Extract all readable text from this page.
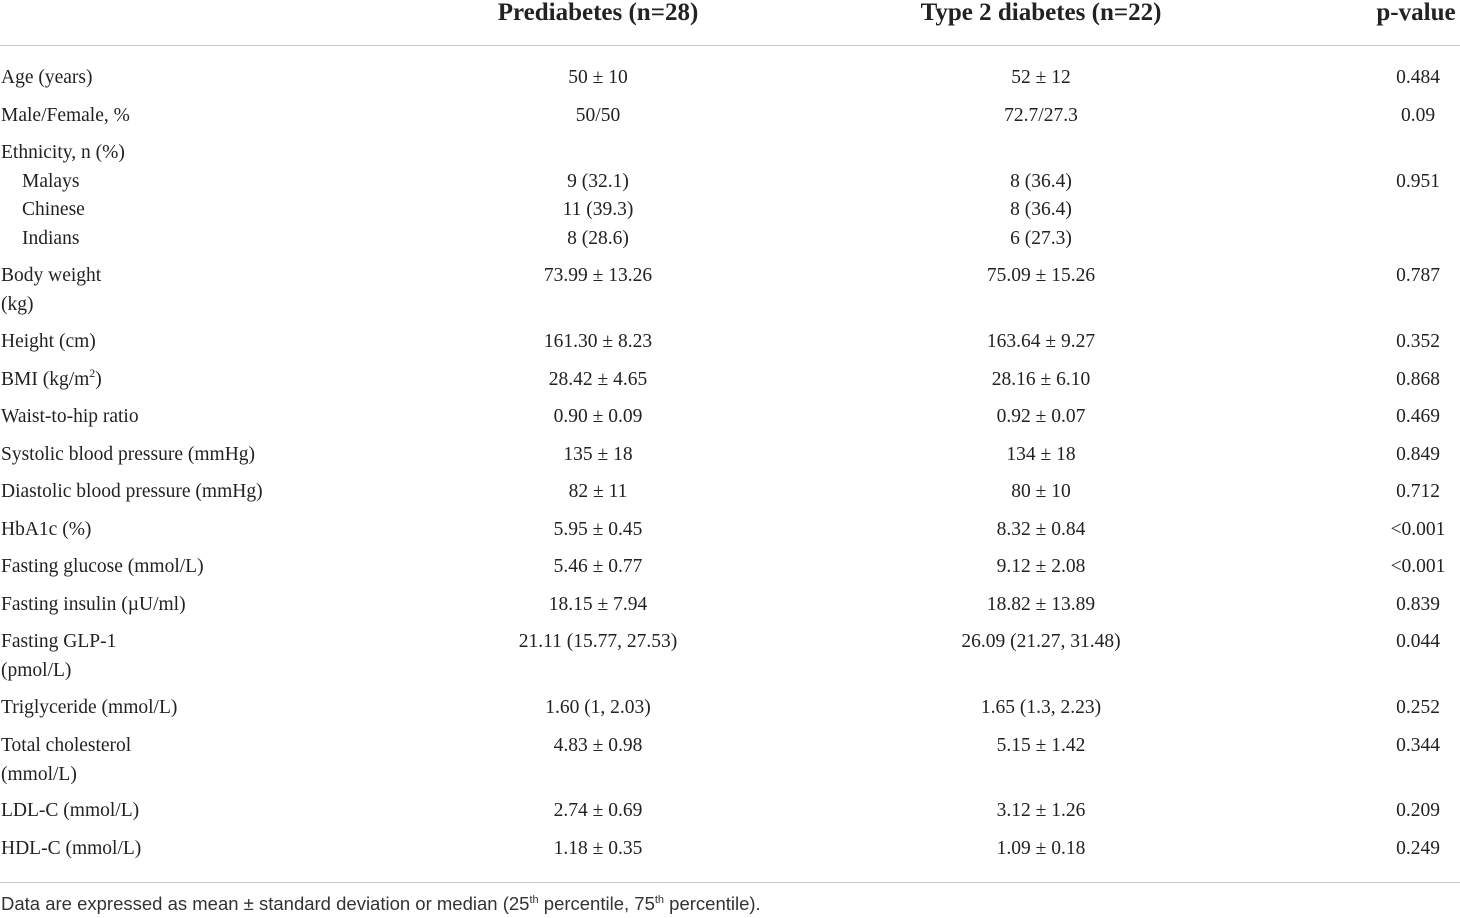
Prediabetes (n=28)	Type 2 diabetes (n=22)	p-value
Age (years)	50 ± 10	52 ± 12	0.484
Male/Female, %	50/50	72.7/27.3	0.09
Ethnicity, n (%)
Malays	9 (32.1)	8 (36.4)	0.951
Chinese	11 (39.3)	8 (36.4)
Indians	8 (28.6)	6 (27.3)
Body weight
(kg)
73.99 ± 13.26	75.09 ± 15.26	0.787
Height (cm)	161.30 ± 8.23	163.64 ± 9.27	0.352
BMI $(kg/m^2)$	28.42 ± 4.65	28.16 ± 6.10	0.868
Waist-to-hip ratio	0.90 ± 0.09	0.92 ± 0.07	0.469
Systolic blood pressure (mmHg)	135 ± 18	134 ± 18	0.849
Diastolic blood pressure (mmHg)	82 ± 11	80 ± 10	0.712
HbA1c (%)	5.95 ± 0.45	8.32 ± 0.84	<0.001
Fasting glucose (mmol/L)	5.46 ± 0.77	9.12 ± 2.08	<0.001
Fasting insulin (µU/ml)	18.15 ± 7.94	18.82 ± 13.89	0.839
Fasting GLP-1
(pmol/L)
21.11 (15.77, 27.53)	26.09 (21.27, 31.48)	0.044
Triglyceride (mmol/L)	1.60 (1, 2.03)	1.65 (1.3, 2.23)	0.252
Total cholesterol
(mmol/L)
4.83 ± 0.98	5.15 ± 1.42	0.344
LDL-C (mmol/L)	2.74 ± 0.69	3.12 ± 1.26	0.209
HDL-C (mmol/L)	1.18 ± 0.35	1.09 ± 0.18	0.249
Data are expressed as mean ± standard deviation or median (25th percentile, 75th percentile).
